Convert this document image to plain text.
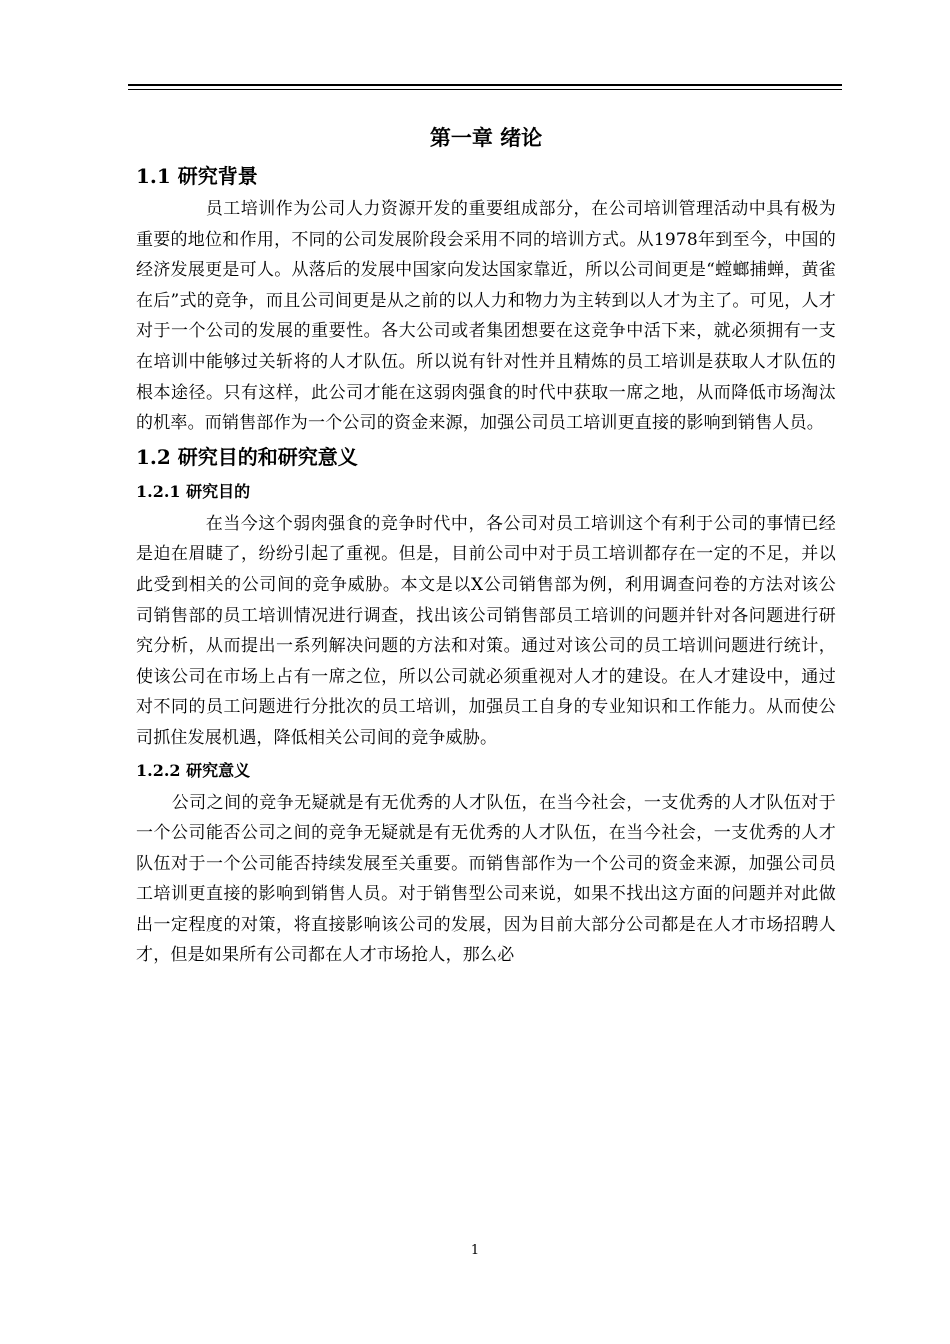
第一章 绪论
1.1 研究背景

员工培训作为公司人力资源开发的重要组成部分，在公司培训管理活动中具有极为重要的地位和作用，不同的公司发展阶段会采用不同的培训方式。从1978年到至今，中国的经济发展更是可人。从落后的发展中国家向发达国家靠近，所以公司间更是“螳螂捕蝉，黄雀在后”式的竞争，而且公司间更是从之前的以人力和物力为主转到以人才为主了。可见，人才对于一个公司的发展的重要性。各大公司或者集团想要在这竞争中活下来，就必须拥有一支在培训中能够过关斩将的人才队伍。所以说有针对性并且精炼的员工培训是获取人才队伍的根本途径。只有这样，此公司才能在这弱肉强食的时代中获取一席之地，从而降低市场淘汰的机率。而销售部作为一个公司的资金来源，加强公司员工培训更直接的影响到销售人员。

1.2 研究目的和研究意义
1.2.1 研究目的

在当今这个弱肉强食的竞争时代中，各公司对员工培训这个有利于公司的事情已经是迫在眉睫了，纷纷引起了重视。但是，目前公司中对于员工培训都存在一定的不足，并以此受到相关的公司间的竞争威胁。本文是以X公司销售部为例，利用调查问卷的方法对该公司销售部的员工培训情况进行调查，找出该公司销售部员工培训的问题并针对各问题进行研究分析，从而提出一系列解决问题的方法和对策。通过对该公司的员工培训问题进行统计，使该公司在市场上占有一席之位，所以公司就必须重视对人才的建设。在人才建设中，通过对不同的员工问题进行分批次的员工培训，加强员工自身的专业知识和工作能力。从而使公司抓住发展机遇，降低相关公司间的竞争威胁。

1.2.2 研究意义

公司之间的竞争无疑就是有无优秀的人才队伍，在当今社会，一支优秀的人才队伍对于一个公司能否公司之间的竞争无疑就是有无优秀的人才队伍，在当今社会，一支优秀的人才队伍对于一个公司能否持续发展至关重要。而销售部作为一个公司的资金来源，加强公司员工培训更直接的影响到销售人员。对于销售型公司来说，如果不找出这方面的问题并对此做出一定程度的对策，将直接影响该公司的发展，因为目前大部分公司都是在人才市场招聘人才，但是如果所有公司都在人才市场抢人，那么必

1
